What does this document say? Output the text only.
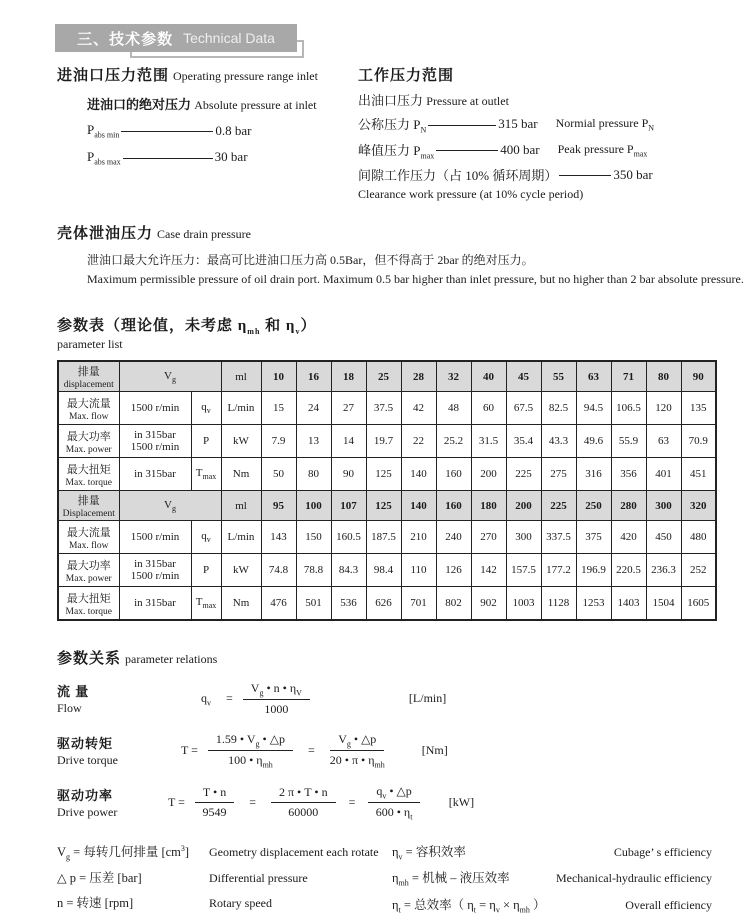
三、技术参数 Technical Data
进油口压力范围 Operating pressure range inlet
进油口的绝对压力 Absolute pressure at inlet
$P_{abs min}$	0.8 bar
$P_{abs max}$	30 bar
工作压力范围
出油口压力 Pressure at outlet
公称压力 $P_N$	315 bar Normial pressure $P_N$
峰值压力 $P_{max}$	400 bar Peak pressure $P_{max}$
间隙工作压力（占 10% 循环周期）	350 bar
Clearance work pressure (at 10% cycle period)
壳体泄油压力 Case drain pressure
泄油口最大允许压力：最高可比进油口压力高 0.5Bar，但不得高于 2bar 的绝对压力。
Maximum permissible pressure of oil drain port. Maximum 0.5 bar higher than inlet pressure, but no higher than 2 bar absolute pressure.
参数表（理论值，未考虑 $\eta_{mh}$ 和 $\eta_v$）
parameter list
排量
displacement	$V_g$		ml	10	16	18	25	28	32	40	45	55	63	71	80	90

最大流量
Max. flow	1500 r/min	$q_v$	L/min	15	24	27	37.5	42	48	60	67.5	82.5	94.5	106.5	120	135

最大功率
Max. power
	in 315bar
1500 r/min	P	kW	7.9	13	14	19.7	22	25.2	31.5	35.4	43.3	49.6	55.9	63	70.9

最大扭矩
Max. torque	in 315bar	$T_{max}$	Nm	50	80	90	125	140	160	200	225	275	316	356	401	451

排量
Displacement	$V_g$		ml	95	100	107	125	140	160	180	200	225	250	280	300	320

最大流量
Max. flow	1500 r/min	$q_v$	L/min	143	150	160.5	187.5	210	240	270	300	337.5	375	420	450	480

最大功率
Max. power
	in 315bar
1500 r/min	P	kW	74.8	78.8	84.3	98.4	110	126	142	157.5	177.2	196.9	220.5	236.3	252

最大扭矩
Max. torque	in 315bar	$T_{max}$	Nm	476	501	536	626	701	802	902	1003	1128	1253	1403	1504	1605
参数关系 parameter relations
流 量
Flow
$q_v = \frac{V_g • n • \eta_V}{1000}$	[L/min]
驱动转矩
Drive torque
$T = \frac{1.59 • V_g • \triangle p}{100 • \eta_{mh}} = \frac{V_g • \triangle p}{20 • \pi • \eta_{mh}}$	[Nm]
驱动功率
Drive power
$T = \frac{T • n}{9549} = \frac{2 \pi • T • n}{60000} = \frac{q_v • \triangle p}{600 • \eta_t} [kW]$
$V_g$ = 每转几何排量 $[cm^3]$	Geometry displacement each rotate
△ p = 压差 [bar]	Differential pressure
n = 转速 [rpm]	Rotary speed
$\eta_v$ = 容积效率	Cubage’ s efficiency
$\eta_{mh}$ = 机械 – 液压效率	Mechanical-hydraulic efficiency
$\eta_t$ = 总效率（ $\eta_t = \eta_v \times \eta_{mh}$ ）	Overall efficiency
